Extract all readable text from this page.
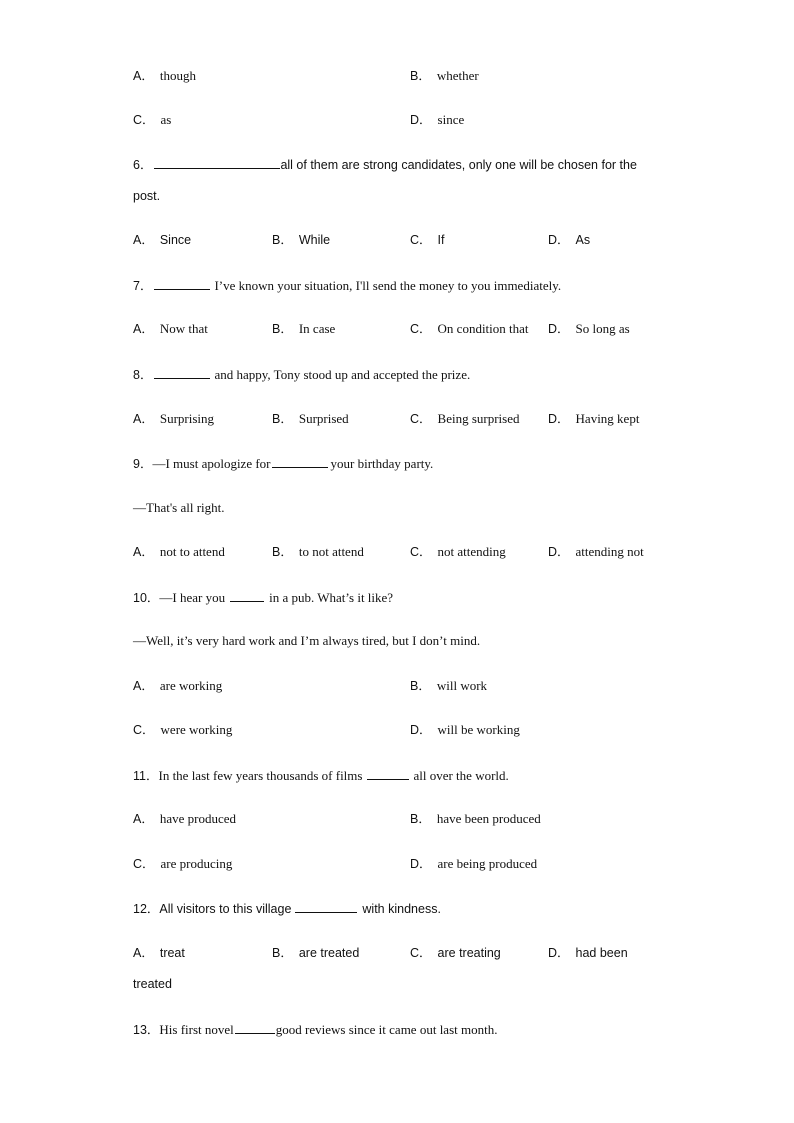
A． though	B． whether
C． as	D． since
6．	all of them are strong candidates, only one will be chosen for the
post.
A． Since	B． While	C． If	D． As
7．	I’ve known your situation, I'll send the money to you immediately.
A． Now that	B． In case	C． On condition that D． So long as
8．	and happy, Tony stood up and accepted the prize.
A． Surprising	B． Surprised	C． Being surprised D． Having kept
9．—I must apologize for	your birthday party.
—That's all right.
A． not to attend	B． to not attend	C． not attending	D． attending not
10．—I hear you	in a pub. What’s it like?
—Well, it’s very hard work and I’m always tired, but I don’t mind.
A． are working	B． will work
C． were working	D． will be working
11．In the last few years thousands of films	all over the world.
A． have produced	B． have been produced
C． are producing	D． are being produced
12．All visitors to this village	with kindness.
A． treat	B． are treated	C． are treating	D． had been
treated
13．His first novel	good reviews since it came out last month.
